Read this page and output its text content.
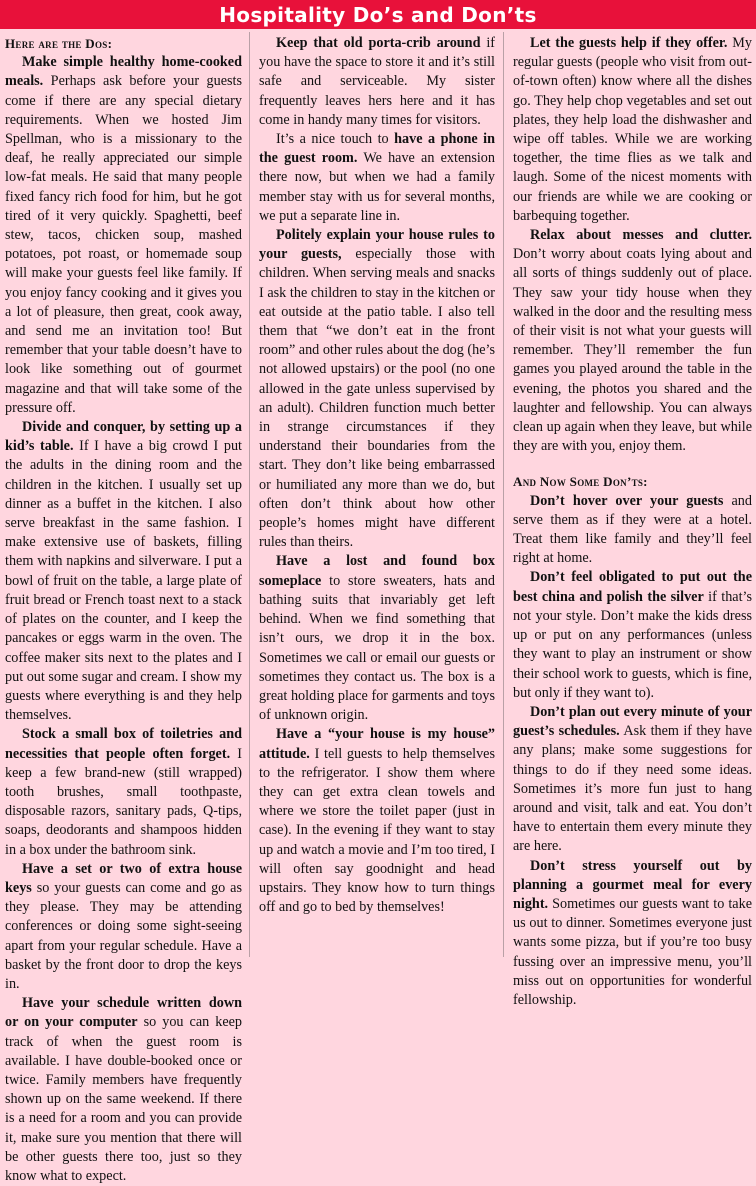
Hospitality Do’s and Don’ts

Here are the Dos:

Make simple healthy home-cooked meals. Perhaps ask before your guests come if there are any special dietary requirements. When we hosted Jim Spellman, who is a missionary to the deaf, he really appreciated our simple low-fat meals. He said that many people fixed fancy rich food for him, but he got tired of it very quickly. Spaghetti, beef stew, tacos, chicken soup, mashed potatoes, pot roast, or homemade soup will make your guests feel like family. If you enjoy fancy cooking and it gives you a lot of pleasure, then great, cook away, and send me an invitation too! But remember that your table doesn’t have to look like something out of gourmet magazine and that will take some of the pressure off.

Divide and conquer, by setting up a kid’s table. If I have a big crowd I put the adults in the dining room and the children in the kitchen. I usually set up dinner as a buffet in the kitchen. I also serve breakfast in the same fashion. I make extensive use of baskets, filling them with napkins and silverware. I put a bowl of fruit on the table, a large plate of fruit bread or French toast next to a stack of plates on the counter, and I keep the pancakes or eggs warm in the oven. The coffee maker sits next to the plates and I put out some sugar and cream. I show my guests where everything is and they help themselves.

Stock a small box of toiletries and necessities that people often forget. I keep a few brand-new (still wrapped) tooth brushes, small toothpaste, disposable razors, sanitary pads, Q-tips, soaps, deodorants and shampoos hidden in a box under the bathroom sink.

Have a set or two of extra house keys so your guests can come and go as they please. They may be attending conferences or doing some sight-seeing apart from your regular schedule. Have a basket by the front door to drop the keys in.

Have your schedule written down or on your computer so you can keep track of when the guest room is available. I have double-booked once or twice. Family members have frequently shown up on the same weekend. If there is a need for a room and you can provide it, make sure you mention that there will be other guests there too, just so they know what to expect.

Keep that old porta-crib around if you have the space to store it and it’s still safe and serviceable. My sister frequently leaves hers here and it has come in handy many times for visitors.

It’s a nice touch to have a phone in the guest room. We have an extension there now, but when we had a family member stay with us for several months, we put a separate line in.

Politely explain your house rules to your guests, especially those with children. When serving meals and snacks I ask the children to stay in the kitchen or eat outside at the patio table. I also tell them that “we don’t eat in the front room” and other rules about the dog (he’s not allowed upstairs) or the pool (no one allowed in the gate unless supervised by an adult). Children function much better in strange circumstances if they understand their boundaries from the start. They don’t like being embarrassed or humiliated any more than we do, but often don’t think about how other people’s homes might have different rules than theirs.

Have a lost and found box someplace to store sweaters, hats and bathing suits that invariably get left behind. When we find something that isn’t ours, we drop it in the box. Sometimes we call or email our guests or sometimes they contact us. The box is a great holding place for garments and toys of unknown origin.

Have a “your house is my house” attitude. I tell guests to help themselves to the refrigerator. I show them where they can get extra clean towels and where we store the toilet paper (just in case). In the evening if they want to stay up and watch a movie and I’m too tired, I will often say goodnight and head upstairs. They know how to turn things off and go to bed by themselves!

Let the guests help if they offer. My regular guests (people who visit from out-of-town often) know where all the dishes go. They help chop vegetables and set out plates, they help load the dishwasher and wipe off tables. While we are working together, the time flies as we talk and laugh. Some of the nicest moments with our friends are while we are cooking or barbequing together.

Relax about messes and clutter. Don’t worry about coats lying about and all sorts of things suddenly out of place. They saw your tidy house when they walked in the door and the resulting mess of their visit is not what your guests will remember. They’ll remember the fun games you played around the table in the evening, the photos you shared and the laughter and fellowship. You can always clean up again when they leave, but while they are with you, enjoy them.

And Now Some Don’ts:

Don’t hover over your guests and serve them as if they were at a hotel. Treat them like family and they’ll feel right at home.

Don’t feel obligated to put out the best china and polish the silver if that’s not your style. Don’t make the kids dress up or put on any performances (unless they want to play an instrument or show their school work to guests, which is fine, but only if they want to).

Don’t plan out every minute of your guest’s schedules. Ask them if they have any plans; make some suggestions for things to do if they need some ideas. Sometimes it’s more fun just to hang around and visit, talk and eat. You don’t have to entertain them every minute they are here.

Don’t stress yourself out by planning a gourmet meal for every night. Sometimes our guests want to take us out to dinner. Sometimes everyone just wants some pizza, but if you’re too busy fussing over an impressive menu, you’ll miss out on opportunities for wonderful fellowship.
